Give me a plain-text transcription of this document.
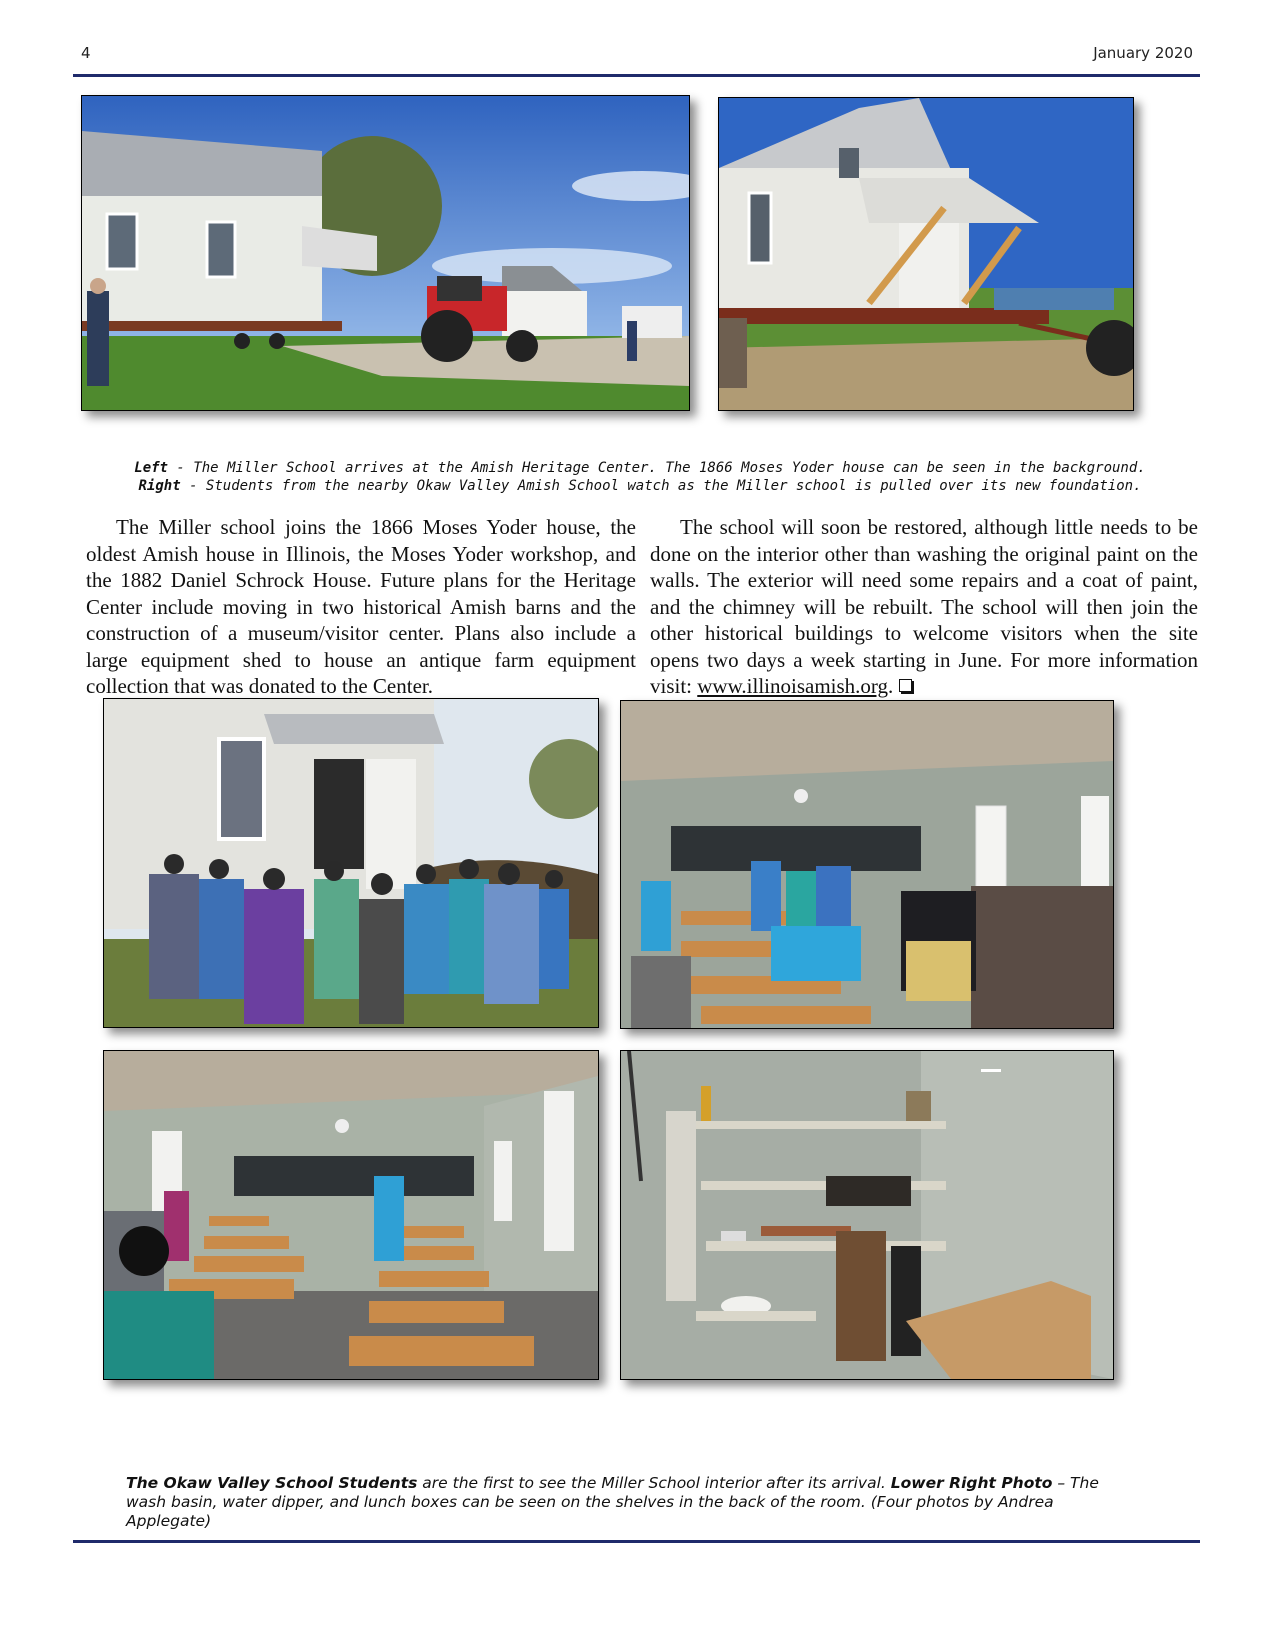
4	January 2020
Left - The Miller School arrives at the Amish Heritage Center. The 1866 Moses Yoder house can be seen in the background.
Right - Students from the nearby Okaw Valley Amish School watch as the Miller school is pulled over its new foundation.

The Miller school joins the 1866 Moses Yoder house, the oldest Amish house in Illinois, the Moses Yoder workshop, and the 1882 Daniel Schrock House. Future plans for the Heritage Center include moving in two historical Amish barns and the construction of a museum/visitor center. Plans also include a large equipment shed to house an antique farm equipment collection that was donated to the Center.

The school will soon be restored, although little needs to be done on the interior other than washing the original paint on the walls. The exterior will need some repairs and a coat of paint, and the chimney will be rebuilt. The school will then join the other historical buildings to welcome visitors when the site opens two days a week starting in June. For more information visit: www.illinoisamish.org.

The Okaw Valley School Students are the first to see the Miller School interior after its arrival. Lower Right Photo – The wash basin, water dipper, and lunch boxes can be seen on the shelves in the back of the room. (Four photos by Andrea Applegate)
